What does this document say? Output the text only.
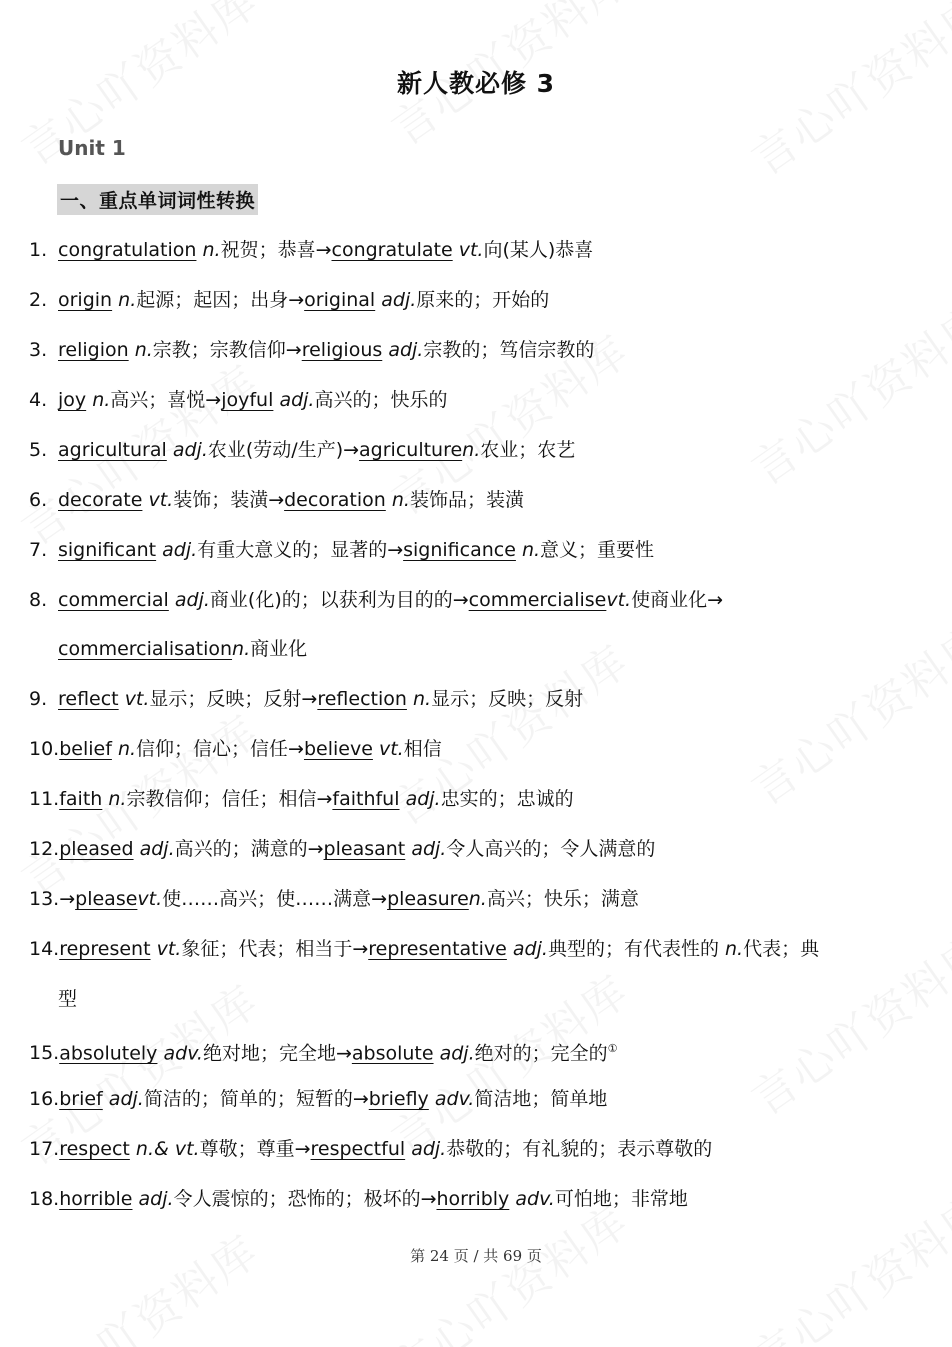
新人教必修 3
Unit 1
一、重点单词词性转换
1. congratulation n.祝贺；恭喜→congratulate vt.向(某人)恭喜
2. origin n.起源；起因；出身→original adj.原来的；开始的
3. religion n.宗教；宗教信仰→religious adj.宗教的；笃信宗教的
4. joy n.高兴；喜悦→joyful adj.高兴的；快乐的
5. agricultural adj.农业(劳动/生产)→agriculturen.农业；农艺
6. decorate vt.装饰；装潢→decoration n.装饰品；装潢
7. significant adj.有重大意义的；显著的→significance n.意义；重要性
8. commercial adj.商业(化)的；以获利为目的的→commercialisevt.使商业化→
commercialisationn.商业化
9. reflect vt.显示；反映；反射→reflection n.显示；反映；反射
10.belief n.信仰；信心；信任→believe vt.相信
11.faith n.宗教信仰；信任；相信→faithful adj.忠实的；忠诚的
12.pleased adj.高兴的；满意的→pleasant adj.令人高兴的；令人满意的
13.→pleasevt.使……高兴；使……满意→pleasuren.高兴；快乐；满意
14.represent vt.象征；代表；相当于→representative adj.典型的；有代表性的 n.代表；典
型
15.absolutely adv.绝对地；完全地→absolute adj.绝对的；完全的①
16.brief adj.简洁的；简单的；短暂的→briefly adv.简洁地；简单地
17.respect n.& vt.尊敬；尊重→respectful adj.恭敬的；有礼貌的；表示尊敬的
18.horrible adj.令人震惊的；恐怖的；极坏的→horribly adv.可怕地；非常地
第 24 页 / 共 69 页
